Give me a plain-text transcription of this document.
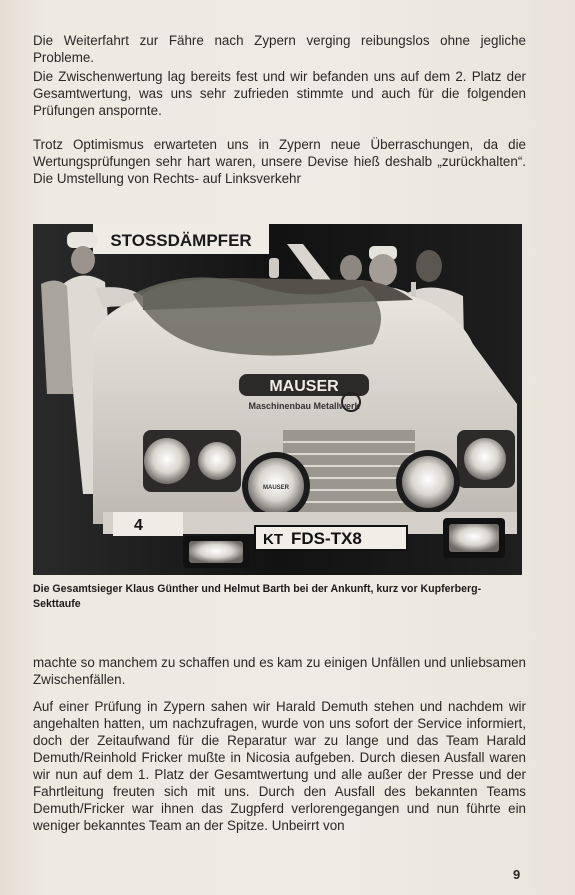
Die Weiterfahrt zur Fähre nach Zypern verging reibungslos ohne jegliche Probleme.

Die Zwischenwertung lag bereits fest und wir befanden uns auf dem 2. Platz der Gesamtwertung, was uns sehr zufrieden stimmte und auch für die folgenden Prüfungen anspornte.

Trotz Optimismus erwarteten uns in Zypern neue Überraschungen, da die Wertungsprüfungen sehr hart waren, unsere Devise hieß deshalb „zurückhalten“. Die Umstellung von Rechts- auf Linksverkehr

STOSSDÄMPFER
MAUSER
Maschinenbau Metallwerk
MAUSER
4
KT FDS-TX8

Die Gesamtsieger Klaus Günther und Helmut Barth bei der Ankunft, kurz vor Kupferberg-Sekttaufe

machte so manchem zu schaffen und es kam zu einigen Unfällen und unliebsamen Zwischenfällen.

Auf einer Prüfung in Zypern sahen wir Harald Demuth stehen und nachdem wir angehalten hatten, um nachzufragen, wurde von uns sofort der Service informiert, doch der Zeitaufwand für die Reparatur war zu lange und das Team Harald Demuth/Reinhold Fricker mußte in Nicosia aufgeben. Durch diesen Ausfall waren wir nun auf dem 1. Platz der Gesamtwertung und alle außer der Presse und der Fahrtleitung freuten sich mit uns. Durch den Ausfall des bekannten Teams Demuth/Fricker war ihnen das Zugpferd verlorengegangen und nun führte ein weniger bekanntes Team an der Spitze. Unbeirrt von

9
